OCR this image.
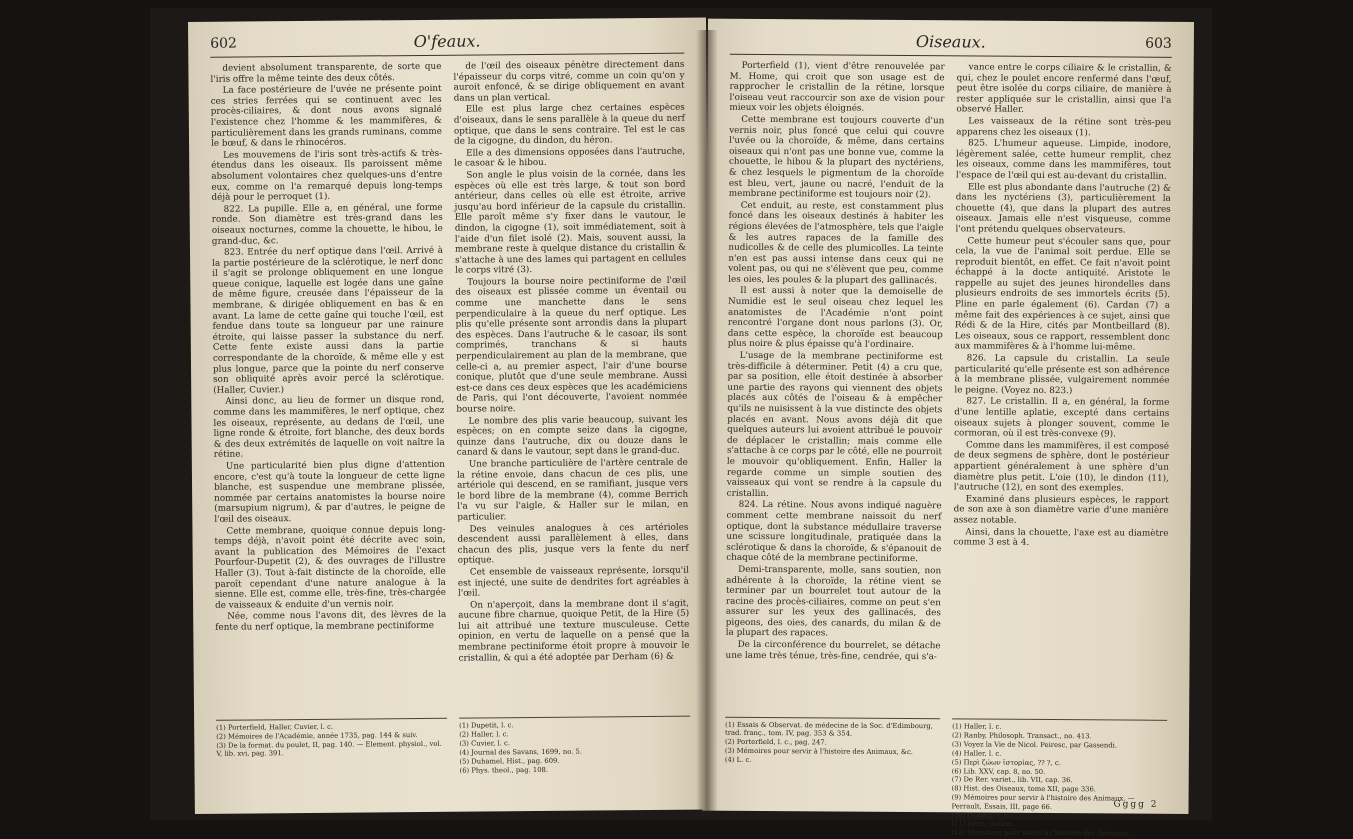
602	O'feaux.

devient absolument transparente, de sorte que l'iris offre la même teinte des deux côtés.

La face postérieure de l'uvée ne présente point ces stries ferrées qui se continuent avec les procès-ciliaires, & dont nous avons signalé l'existence chez l'homme & les mammifères, & particulièrement dans les grands ruminans, comme le bœuf, & dans le rhinocéros.

Les mouvemens de l'iris sont très-actifs & très-étendus dans les oiseaux. Ils paroissent même absolument volontaires chez quelques-uns d'entre eux, comme on l'a remarqué depuis long-temps déjà pour le perroquet (1).

822. La pupille. Elle a, en général, une forme ronde. Son diamètre est très-grand dans les oiseaux nocturnes, comme la chouette, le hibou, le grand-duc, &c.

823. Entrée du nerf optique dans l'œil. Arrivé à la partie postérieure de la sclérotique, le nerf donc il s'agit se prolonge obliquement en une longue queue conique, laquelle est logée dans une gaîne de même figure, creusée dans l'épaisseur de la membrane, & dirigée obliquement en bas & en avant. La lame de cette gaîne qui touche l'œil, est fendue dans toute sa longueur par une rainure étroite, qui laisse passer la substance du nerf. Cette fente existe aussi dans la partie correspondante de la choroïde, & même elle y est plus longue, parce que la pointe du nerf conserve son obliquité après avoir percé la sclérotique. (Haller, Cuvier.)

Ainsi donc, au lieu de former un disque rond, comme dans les mammifères, le nerf optique, chez les oiseaux, représente, au dedans de l'œil, une ligne ronde & étroite, fort blanche, des deux bords & des deux extrémités de laquelle on voit naître la rétine.

Une particularité bien plus digne d'attention encore, c'est qu'à toute la longueur de cette ligne blanche, est suspendue une membrane plissée, nommée par certains anatomistes la bourse noire (marsupium nigrum), & par d'autres, le peigne de l'œil des oiseaux.

Cette membrane, quoique connue depuis long-temps déjà, n'avoit point été décrite avec soin, avant la publication des Mémoires de l'exact Pourfour-Dupetit (2), & des ouvrages de l'illustre Haller (3). Tout à-fait distincte de la choroïde, elle paroît cependant d'une nature analogue à la sienne. Elle est, comme elle, très-fine, très-chargée de vaisseaux & enduite d'un vernis noir.

Née, comme nous l'avons dit, des lèvres de la fente du nerf optique, la membrane pectiniforme

de l'œil des oiseaux pénètre directement dans l'épaisseur du corps vitré, comme un coin qu'on y auroit enfoncé, & se dirige obliquement en avant dans un plan vertical.

Elle est plus large chez certaines espèces d'oiseaux, dans le sens parallèle à la queue du nerf optique, que dans le sens contraire. Tel est le cas de la cigogne, du dindon, du héron.

Elle a des dimensions opposées dans l'autruche, le casoar & le hibou.

Son angle le plus voisin de la cornée, dans les espèces où elle est très large, & tout son bord antérieur, dans celles où elle est étroite, arrive jusqu'au bord inférieur de la capsule du cristallin. Elle paroît même s'y fixer dans le vautour, le dindon, la cigogne (1), soit immédiatement, soit à l'aide d'un filet isolé (2). Mais, souvent aussi, la membrane reste à quelque distance du cristallin & s'attache à une des lames qui partagent en cellules le corps vitré (3).

Toujours la bourse noire pectiniforme de l'œil des oiseaux est plissée comme un éventail ou comme une manchette dans le sens perpendiculaire à la queue du nerf optique. Les plis qu'elle présente sont arrondis dans la plupart des espèces. Dans l'autruche & le casoar, ils sont comprimés, tranchans & si hauts perpendiculairement au plan de la membrane, que celle-ci a, au premier aspect, l'air d'une bourse conique, plutôt que d'une seule membrane. Aussi est-ce dans ces deux espèces que les académiciens de Paris, qui l'ont découverte, l'avoient nommée bourse noire.

Le nombre des plis varie beaucoup, suivant les espèces; on en compte seize dans la cigogne, quinze dans l'autruche, dix ou douze dans le canard & dans le vautour, sept dans le grand-duc.

Une branche particulière de l'artère centrale de la rétine envoie, dans chacun de ces plis, une artériole qui descend, en se ramifiant, jusque vers le bord libre de la membrane (4), comme Berrich l'a vu sur l'aigle, & Haller sur le milan, en particulier.

Des veinules analogues à ces artérioles descendent aussi parallèlement à elles, dans chacun des plis, jusque vers la fente du nerf optique.

Cet ensemble de vaisseaux représente, lorsqu'il est injecté, une suite de dendrites fort agréables à l'œil.

On n'aperçoit, dans la membrane dont il s'agit, aucune fibre charnue, quoique Petit, de la Hire (5) lui ait attribué une texture musculeuse. Cette opinion, en vertu de laquelle on a pensé que la membrane pectiniforme étoit propre à mouvoir le cristallin, & qui a été adoptée par Derham (6) &

(1) Porterfield, Haller, Cuvier, l. c.
(2) Mémoires de l'Académie, année 1735, pag. 144 & suiv.
(3) De la format. du poulet, II, pag. 140. — Element. physiol., vol. V, lib. xvi, pag. 391.
(1) Dupetit, l. c.
(2) Haller, l. c.
(3) Cuvier, l. c.
(4) Journal des Savans, 1699, no. 5.
(5) Duhamel, Hist., pag. 609.
(6) Phys. theol., pag. 108.
Oiseaux.	603

Porterfield (1), vient d'être renouvelée par M. Home, qui croit que son usage est de rapprocher le cristallin de la rétine, lorsque l'oiseau veut raccourcir son axe de vision pour mieux voir les objets éloignés.

Cette membrane est toujours couverte d'un vernis noir, plus foncé que celui qui couvre l'uvée ou la choroïde, & même, dans certains oiseaux qui n'ont pas une bonne vue, comme la chouette, le hibou & la plupart des nyctériens, & chez lesquels le pigmentum de la choroïde est bleu, vert, jaune ou nacré, l'enduit de la membrane pectiniforme est toujours noir (2).

Cet enduit, au reste, est constamment plus foncé dans les oiseaux destinés à habiter les régions élevées de l'atmosphère, tels que l'aigle & les autres rapaces de la famille des nudicolles & de celle des plumicolles. La teinte n'en est pas aussi intense dans ceux qui ne volent pas, ou qui ne s'élèvent que peu, comme les oies, les poules & la plupart des gallinacés.

Il est aussi à noter que la demoiselle de Numidie est le seul oiseau chez lequel les anatomistes de l'Académie n'ont point rencontré l'organe dont nous parlons (3). Or, dans cette espèce, la choroïde est beaucoup plus noire & plus épaisse qu'à l'ordinaire.

L'usage de la membrane pectiniforme est très-difficile à déterminer. Petit (4) a cru que, par sa position, elle étoit destinée à absorber une partie des rayons qui viennent des objets placés aux côtés de l'oiseau & à empêcher qu'ils ne nuisissent à la vue distincte des objets placés en avant. Nous avons déjà dit que quelques auteurs lui avoient attribué le pouvoir de déplacer le cristallin; mais comme elle s'attache à ce corps par le côté, elle ne pourroit le mouvoir qu'obliquement. Enfin, Haller la regarde comme un simple soutien des vaisseaux qui vont se rendre à la capsule du cristallin.

824. La rétine. Nous avons indiqué naguère comment cette membrane naissoit du nerf optique, dont la substance médullaire traverse une scissure longitudinale, pratiquée dans la sclérotique & dans la choroïde, & s'épanouit de chaque côté de la membrane pectiniforme.

Demi-transparente, molle, sans soutien, non adhérente à la choroïde, la rétine vient se terminer par un bourrelet tout autour de la racine des procès-ciliaires, comme on peut s'en assurer sur les yeux des gallinacés, des pigeons, des oies, des canards, du milan & de la plupart des rapaces.

De la circonférence du bourrelet, se détache une lame très ténue, très-fine, cendrée, qui s'a-

vance entre le corps ciliaire & le cristallin, & qui, chez le poulet encore renfermé dans l'œuf, peut être isolée du corps ciliaire, de manière à rester appliquée sur le cristallin, ainsi que l'a observé Haller.

Les vaisseaux de la rétine sont très-peu apparens chez les oiseaux (1).

825. L'humeur aqueuse. Limpide, inodore, légèrement salée, cette humeur remplit, chez les oiseaux, comme dans les mammifères, tout l'espace de l'œil qui est au-devant du cristallin.

Elle est plus abondante dans l'autruche (2) & dans les nyctériens (3), particulièrement la chouette (4), que dans la plupart des autres oiseaux. Jamais elle n'est visqueuse, comme l'ont prétendu quelques observateurs.

Cette humeur peut s'écouler sans que, pour cela, la vue de l'animal soit perdue. Elle se reproduit bientôt, en effet. Ce fait n'avoit point échappé à la docte antiquité. Aristote le rappelle au sujet des jeunes hirondelles dans plusieurs endroits de ses immortels écrits (5). Pline en parle également (6). Cardan (7) a même fait des expériences à ce sujet, ainsi que Rédi & de la Hire, cités par Montbeillard (8). Les oiseaux, sous ce rapport, ressemblent donc aux mammifères & à l'homme lui-même.

826. La capsule du cristallin. La seule particularité qu'elle présente est son adhérence à la membrane plissée, vulgairement nommée le peigne. (Voyez no. 823.)

827. Le cristallin. Il a, en général, la forme d'une lentille aplatie, excepté dans certains oiseaux sujets à plonger souvent, comme le cormoran, où il est très-convexe (9).

Comme dans les mammifères, il est composé de deux segmens de sphère, dont le postérieur appartient généralement à une sphère d'un diamètre plus petit. L'oie (10), le dindon (11), l'autruche (12), en sont des exemples.

Examiné dans plusieurs espèces, le rapport de son axe à son diamètre varie d'une manière assez notable.

Ainsi, dans la chouette, l'axe est au diamètre comme 3 est à 4.

(1) Essais & Observat. de médecine de la Soc. d'Edimbourg, trad. franç., tom. IV, pag. 353 & 354.
(2) Porterfield, l. c., pag. 247.
(3) Mémoires pour servir à l'histoire des Animaux, &c.
(4) L. c.
(1) Haller, l. c.
(2) Ranby, Philosoph. Transact., no. 413.
(3) Voyez la Vie de Nicol. Peiresc, par Gassendi.
(4) Haller, l. c.
(5) Περὶ ζώων ἱστορίας, ?? ?, c.
(6) Lib. XXV, cap. 8, no. 50.
(7) De Rer. variet., lib. VII, cap. 36.
(8) Hist. des Oiseaux, tome XII, page 336.
(9) Mémoires pour servir à l'histoire des Animaux. — Perrault, Essais, III, page 66.
(10) Dupetit, l. c.
(11) Idem, ibidem.
(12) Mémoires pour servir à l'histoire des Animaux.
Gggg 2
